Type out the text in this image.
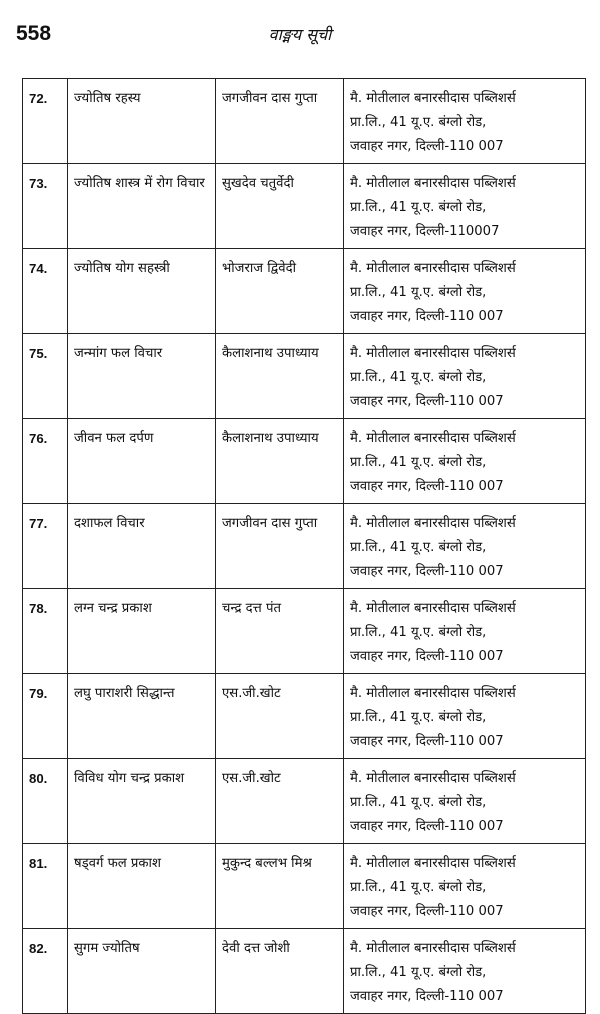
558	वाङ्मय सूची
72.	ज्योतिष रहस्य	जगजीवन दास गुप्ता	मै. मोतीलाल बनारसीदास पब्लिशर्स
प्रा.लि., 41 यू.ए. बंग्लो रोड,
जवाहर नगर, दिल्ली-110 007

73.	ज्योतिष शास्त्र में रोग विचार	सुखदेव चतुर्वेदी	मै. मोतीलाल बनारसीदास पब्लिशर्स
प्रा.लि., 41 यू.ए. बंग्लो रोड,
जवाहर नगर, दिल्ली-110007

74.	ज्योतिष योग सहस्त्री	भोजराज द्विवेदी	मै. मोतीलाल बनारसीदास पब्लिशर्स
प्रा.लि., 41 यू.ए. बंग्लो रोड,
जवाहर नगर, दिल्ली-110 007

75.	जन्मांग फल विचार	कैलाशनाथ उपाध्याय	मै. मोतीलाल बनारसीदास पब्लिशर्स
प्रा.लि., 41 यू.ए. बंग्लो रोड,
जवाहर नगर, दिल्ली-110 007

76.	जीवन फल दर्पण	कैलाशनाथ उपाध्याय	मै. मोतीलाल बनारसीदास पब्लिशर्स
प्रा.लि., 41 यू.ए. बंग्लो रोड,
जवाहर नगर, दिल्ली-110 007

77.	दशाफल विचार	जगजीवन दास गुप्ता	मै. मोतीलाल बनारसीदास पब्लिशर्स
प्रा.लि., 41 यू.ए. बंग्लो रोड,
जवाहर नगर, दिल्ली-110 007

78.	लग्न चन्द्र प्रकाश	चन्द्र दत्त पंत	मै. मोतीलाल बनारसीदास पब्लिशर्स
प्रा.लि., 41 यू.ए. बंग्लो रोड,
जवाहर नगर, दिल्ली-110 007

79.	लघु पाराशरी सिद्धान्त	एस.जी.खोट	मै. मोतीलाल बनारसीदास पब्लिशर्स
प्रा.लि., 41 यू.ए. बंग्लो रोड,
जवाहर नगर, दिल्ली-110 007

80.	विविध योग चन्द्र प्रकाश	एस.जी.खोट	मै. मोतीलाल बनारसीदास पब्लिशर्स
प्रा.लि., 41 यू.ए. बंग्लो रोड,
जवाहर नगर, दिल्ली-110 007

81.	षड्वर्ग फल प्रकाश	मुकुन्द बल्लभ मिश्र	मै. मोतीलाल बनारसीदास पब्लिशर्स
प्रा.लि., 41 यू.ए. बंग्लो रोड,
जवाहर नगर, दिल्ली-110 007

82.	सुगम ज्योतिष	देवी दत्त जोशी	मै. मोतीलाल बनारसीदास पब्लिशर्स
प्रा.लि., 41 यू.ए. बंग्लो रोड,
जवाहर नगर, दिल्ली-110 007
